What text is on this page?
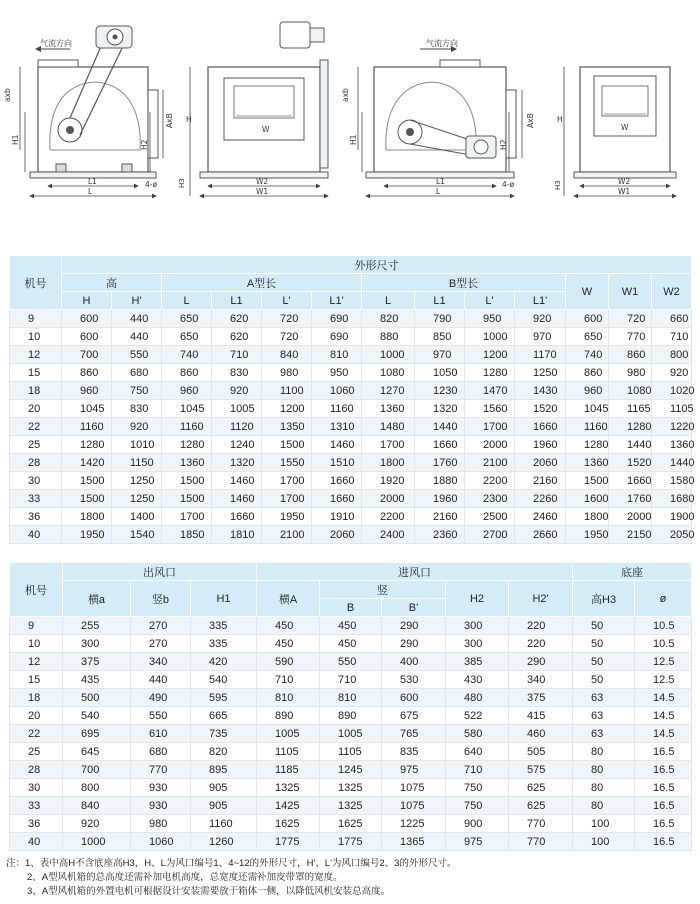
气流方向
axb
H1
AxB
H2
L1
L
4-ø
W
H
H3	W2
W1
气流方向
axb
H1
AxB
H2
L1
L
4-ø
W
H
H3	W2
W1
机号	外形尺寸												
	高		A型长				B型长				W	W1	W2
	H	H'	L	L1	L'	L1'	L	L1	L'	L1'			
9	600	440	650	620	720	690	820	790	950	920	600	720	660
10	600	440	650	620	720	690	880	850	1000	970	650	770	710
12	700	550	740	710	840	810	1000	970	1200	1170	740	860	800
15	860	680	860	830	980	950	1080	1050	1280	1250	860	980	920
18	960	750	960	920	1100	1060	1270	1230	1470	1430	960	1080	1020
20	1045	830	1045	1005	1200	1160	1360	1320	1560	1520	1045	1165	1105
22	1160	920	1160	1120	1350	1310	1480	1440	1700	1660	1160	1280	1220
25	1280	1010	1280	1240	1500	1460	1700	1660	2000	1960	1280	1440	1360
28	1420	1150	1360	1320	1550	1510	1800	1760	2100	2060	1360	1520	1440
30	1500	1250	1500	1460	1700	1660	1920	1880	2200	2160	1500	1660	1580
33	1500	1250	1500	1460	1700	1660	2000	1960	2300	2260	1600	1760	1680
36	1800	1400	1700	1660	1950	1910	2200	2160	2500	2460	1800	2000	1900
40	1950	1540	1850	1810	2100	2060	2400	2360	2700	2660	1950	2150	2050
机号	出风口			进风口					底座	
	横a	竖b	H1	横A	竖		H2	H2'	高H3	ø
					B	B'				
9	255	270	335	450	450	290	300	220	50	10.5
10	300	270	335	450	450	290	300	220	50	10.5
12	375	340	420	590	550	400	385	290	50	12.5
15	435	440	540	710	710	530	430	340	50	12.5
18	500	490	595	810	810	600	480	375	63	14.5
20	540	550	665	890	890	675	522	415	63	14.5
22	695	610	735	1005	1005	765	580	460	63	14.5
25	645	680	820	1105	1105	835	640	505	80	16.5
28	700	770	895	1185	1245	975	710	575	80	16.5
30	800	930	905	1325	1325	1075	750	625	80	16.5
33	840	930	905	1425	1325	1075	750	625	80	16.5
36	920	980	1160	1625	1625	1225	900	770	100	16.5
40	1000	1060	1260	1775	1775	1365	975	770	100	16.5
注：1、表中高H不含底座高H3，H、L为风口编号1、4~12的外形尺寸，H'、L'为风口编号2、3的外形尺寸。
2、A型风机箱的总高度还需补加电机高度，总宽度还需补加皮带罩的宽度。
3、A型风机箱的外置电机可根据设计安装需要放于箱体一侧，以降低风机安装总高度。
